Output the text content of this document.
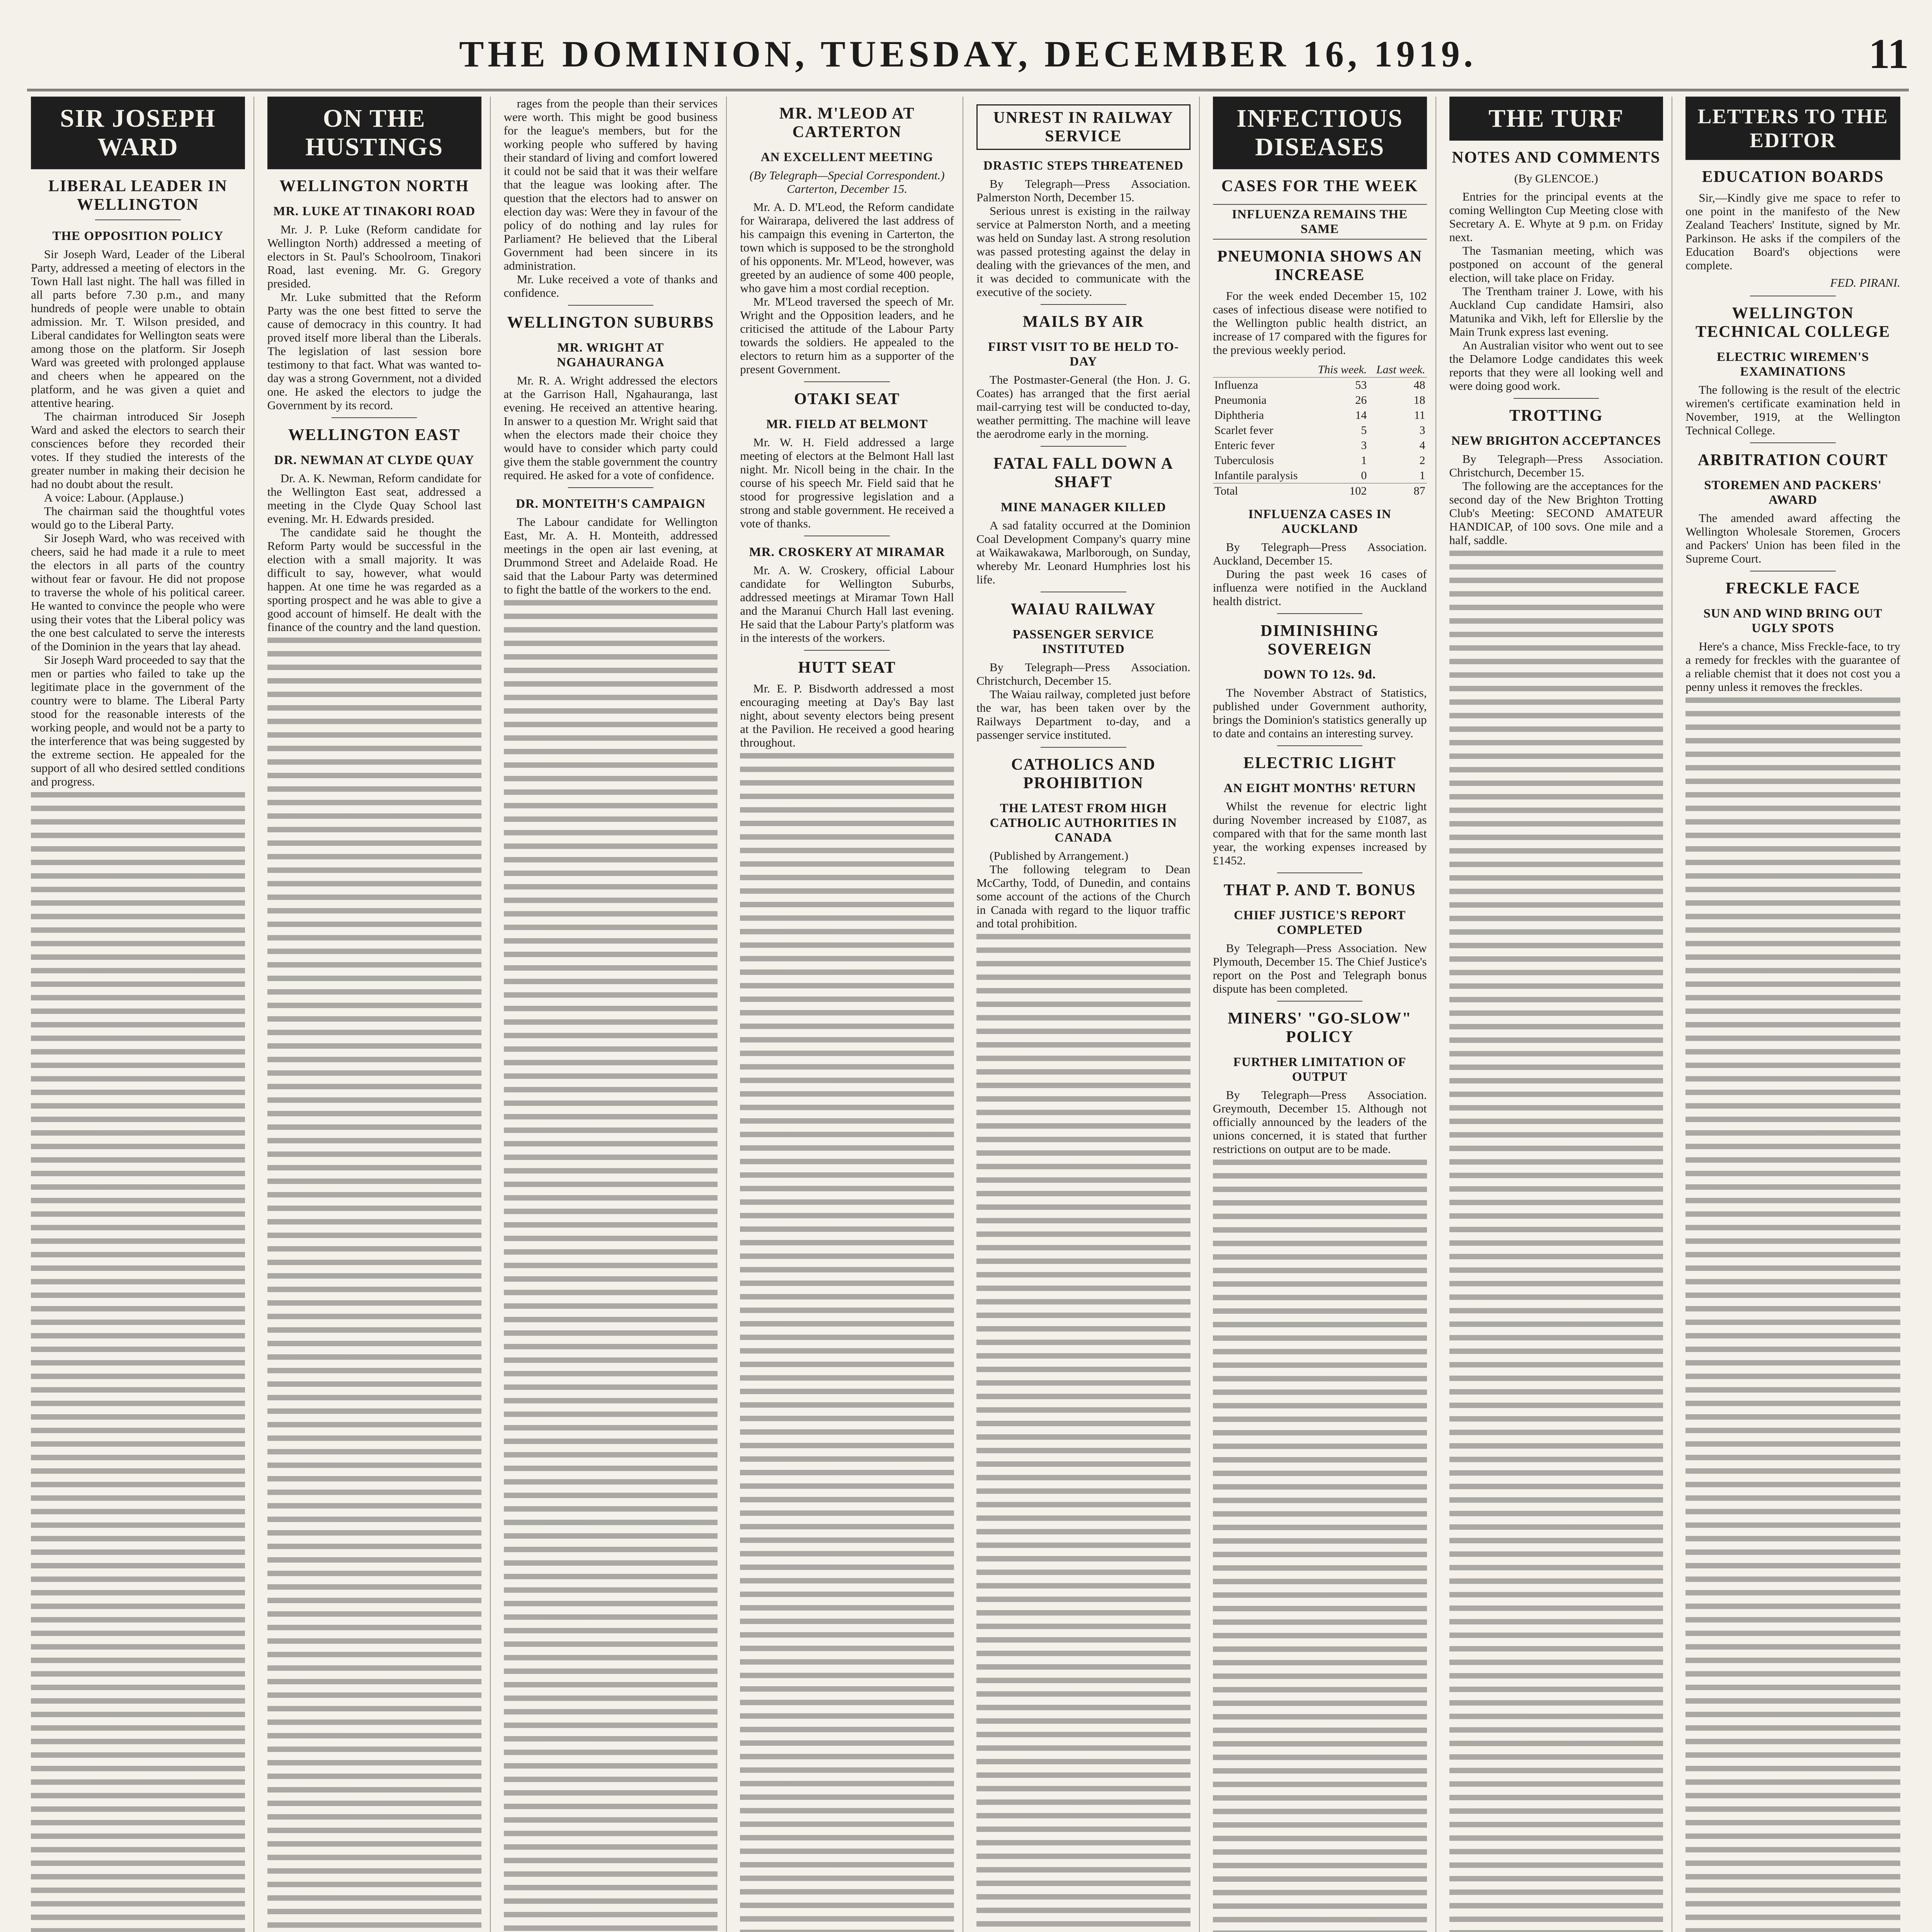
THE DOMINION, TUESDAY, DECEMBER 16, 1919.	11
SIR JOSEPH WARD
LIBERAL LEADER IN WELLINGTON
THE OPPOSITION POLICY

Sir Joseph Ward, Leader of the Liberal Party, addressed a meeting of electors in the Town Hall last night. The hall was filled in all parts before 7.30 p.m., and many hundreds of people were unable to obtain admission. Mr. T. Wilson presided, and Liberal candidates for Wellington seats were among those on the platform. Sir Joseph Ward was greeted with prolonged applause and cheers when he appeared on the platform, and he was given a quiet and attentive hearing.

The chairman introduced Sir Joseph Ward and asked the electors to search their consciences before they recorded their votes. If they studied the interests of the greater number in making their decision he had no doubt about the result.

A voice: Labour. (Applause.)

The chairman said the thoughtful votes would go to the Liberal Party.

Sir Joseph Ward, who was received with cheers, said he had made it a rule to meet the electors in all parts of the country without fear or favour. He did not propose to traverse the whole of his political career. He wanted to convince the people who were using their votes that the Liberal policy was the one best calculated to serve the interests of the Dominion in the years that lay ahead.

Sir Joseph Ward proceeded to say that the men or parties who failed to take up the legitimate place in the government of the country were to blame. The Liberal Party stood for the reasonable interests of the working people, and would not be a party to the interference that was being suggested by the extreme section. He appealed for the support of all who desired settled conditions and progress.

ON THE HUSTINGS
WELLINGTON NORTH
MR. LUKE AT TINAKORI ROAD

Mr. J. P. Luke (Reform candidate for Wellington North) addressed a meeting of electors in St. Paul's Schoolroom, Tinakori Road, last evening. Mr. G. Gregory presided.

Mr. Luke submitted that the Reform Party was the one best fitted to serve the cause of democracy in this country. It had proved itself more liberal than the Liberals. The legislation of last session bore testimony to that fact. What was wanted to-day was a strong Government, not a divided one. He asked the electors to judge the Government by its record.

WELLINGTON EAST
DR. NEWMAN AT CLYDE QUAY

Dr. A. K. Newman, Reform candidate for the Wellington East seat, addressed a meeting in the Clyde Quay School last evening. Mr. H. Edwards presided.

The candidate said he thought the Reform Party would be successful in the election with a small majority. It was difficult to say, however, what would happen. At one time he was regarded as a sporting prospect and he was able to give a good account of himself. He dealt with the finance of the country and the land question.

rages from the people than their services were worth. This might be good business for the league's members, but for the working people who suffered by having their standard of living and comfort lowered it could not be said that it was their welfare that the league was looking after. The question that the electors had to answer on election day was: Were they in favour of the policy of do nothing and lay rules for Parliament? He believed that the Liberal Government had been sincere in its administration.

Mr. Luke received a vote of thanks and confidence.

WELLINGTON SUBURBS
MR. WRIGHT AT NGAHAURANGA

Mr. R. A. Wright addressed the electors at the Garrison Hall, Ngahauranga, last evening. He received an attentive hearing. In answer to a question Mr. Wright said that when the electors made their choice they would have to consider which party could give them the stable government the country required. He asked for a vote of confidence.

DR. MONTEITH'S CAMPAIGN

The Labour candidate for Wellington East, Mr. A. H. Monteith, addressed meetings in the open air last evening, at Drummond Street and Adelaide Road. He said that the Labour Party was determined to fight the battle of the workers to the end.

MR. M'LEOD AT CARTERTON
AN EXCELLENT MEETING
(By Telegraph—Special Correspondent.) Carterton, December 15.

Mr. A. D. M'Leod, the Reform candidate for Wairarapa, delivered the last address of his campaign this evening in Carterton, the town which is supposed to be the stronghold of his opponents. Mr. M'Leod, however, was greeted by an audience of some 400 people, who gave him a most cordial reception.

Mr. M'Leod traversed the speech of Mr. Wright and the Opposition leaders, and he criticised the attitude of the Labour Party towards the soldiers. He appealed to the electors to return him as a supporter of the present Government.

OTAKI SEAT
MR. FIELD AT BELMONT

Mr. W. H. Field addressed a large meeting of electors at the Belmont Hall last night. Mr. Nicoll being in the chair. In the course of his speech Mr. Field said that he stood for progressive legislation and a strong and stable government. He received a vote of thanks.

MR. CROSKERY AT MIRAMAR

Mr. A. W. Croskery, official Labour candidate for Wellington Suburbs, addressed meetings at Miramar Town Hall and the Maranui Church Hall last evening. He said that the Labour Party's platform was in the interests of the workers.

HUTT SEAT

Mr. E. P. Bisdworth addressed a most encouraging meeting at Day's Bay last night, about seventy electors being present at the Pavilion. He received a good hearing throughout.

UNREST IN RAILWAY SERVICE
DRASTIC STEPS THREATENED

By Telegraph—Press Association. Palmerston North, December 15.

Serious unrest is existing in the railway service at Palmerston North, and a meeting was held on Sunday last. A strong resolution was passed protesting against the delay in dealing with the grievances of the men, and it was decided to communicate with the executive of the society.

MAILS BY AIR
FIRST VISIT TO BE HELD TO-DAY

The Postmaster-General (the Hon. J. G. Coates) has arranged that the first aerial mail-carrying test will be conducted to-day, weather permitting. The machine will leave the aerodrome early in the morning.

FATAL FALL DOWN A SHAFT
MINE MANAGER KILLED

A sad fatality occurred at the Dominion Coal Development Company's quarry mine at Waikawakawa, Marlborough, on Sunday, whereby Mr. Leonard Humphries lost his life.

WAIAU RAILWAY
PASSENGER SERVICE INSTITUTED

By Telegraph—Press Association. Christchurch, December 15.

The Waiau railway, completed just before the war, has been taken over by the Railways Department to-day, and a passenger service instituted.

CATHOLICS AND PROHIBITION
THE LATEST FROM HIGH CATHOLIC AUTHORITIES IN CANADA

(Published by Arrangement.)

The following telegram to Dean McCarthy, Todd, of Dunedin, and contains some account of the actions of the Church in Canada with regard to the liquor traffic and total prohibition.

INFECTIOUS DISEASES
CASES FOR THE WEEK
INFLUENZA REMAINS THE SAME
PNEUMONIA SHOWS AN INCREASE

For the week ended December 15, 102 cases of infectious disease were notified to the Wellington public health district, an increase of 17 compared with the figures for the previous weekly period.

	This week.	Last week.
Influenza	53	48
Pneumonia	26	18
Diphtheria	14	11
Scarlet fever	5	3
Enteric fever	3	4
Tuberculosis	1	2
Infantile paralysis	0	1
Total	102	87
INFLUENZA CASES IN AUCKLAND

By Telegraph—Press Association. Auckland, December 15.

During the past week 16 cases of influenza were notified in the Auckland health district.

DIMINISHING SOVEREIGN
DOWN TO 12s. 9d.

The November Abstract of Statistics, published under Government authority, brings the Dominion's statistics generally up to date and contains an interesting survey.

ELECTRIC LIGHT
AN EIGHT MONTHS' RETURN

Whilst the revenue for electric light during November increased by £1087, as compared with that for the same month last year, the working expenses increased by £1452.

THAT P. AND T. BONUS
CHIEF JUSTICE'S REPORT COMPLETED

By Telegraph—Press Association. New Plymouth, December 15. The Chief Justice's report on the Post and Telegraph bonus dispute has been completed.

MINERS' "GO-SLOW" POLICY
FURTHER LIMITATION OF OUTPUT

By Telegraph—Press Association. Greymouth, December 15. Although not officially announced by the leaders of the unions concerned, it is stated that further restrictions on output are to be made.

THE TURF
NOTES AND COMMENTS
(By GLENCOE.)

Entries for the principal events at the coming Wellington Cup Meeting close with Secretary A. E. Whyte at 9 p.m. on Friday next.

The Tasmanian meeting, which was postponed on account of the general election, will take place on Friday.

The Trentham trainer J. Lowe, with his Auckland Cup candidate Hamsiri, also Matunika and Vikh, left for Ellerslie by the Main Trunk express last evening.

An Australian visitor who went out to see the Delamore Lodge candidates this week reports that they were all looking well and were doing good work.

TROTTING
NEW BRIGHTON ACCEPTANCES

By Telegraph—Press Association. Christchurch, December 15.

The following are the acceptances for the second day of the New Brighton Trotting Club's Meeting: SECOND AMATEUR HANDICAP, of 100 sovs. One mile and a half, saddle.

LETTERS TO THE EDITOR
EDUCATION BOARDS

Sir,—Kindly give me space to refer to one point in the manifesto of the New Zealand Teachers' Institute, signed by Mr. Parkinson. He asks if the compilers of the Education Board's objections were complete.

FED. PIRANI.
WELLINGTON TECHNICAL COLLEGE
ELECTRIC WIREMEN'S EXAMINATIONS

The following is the result of the electric wiremen's certificate examination held in November, 1919, at the Wellington Technical College.

ARBITRATION COURT
STOREMEN AND PACKERS' AWARD

The amended award affecting the Wellington Wholesale Storemen, Grocers and Packers' Union has been filed in the Supreme Court.

FRECKLE FACE
SUN AND WIND BRING OUT UGLY SPOTS

Here's a chance, Miss Freckle-face, to try a remedy for freckles with the guarantee of a reliable chemist that it does not cost you a penny unless it removes the freckles.
